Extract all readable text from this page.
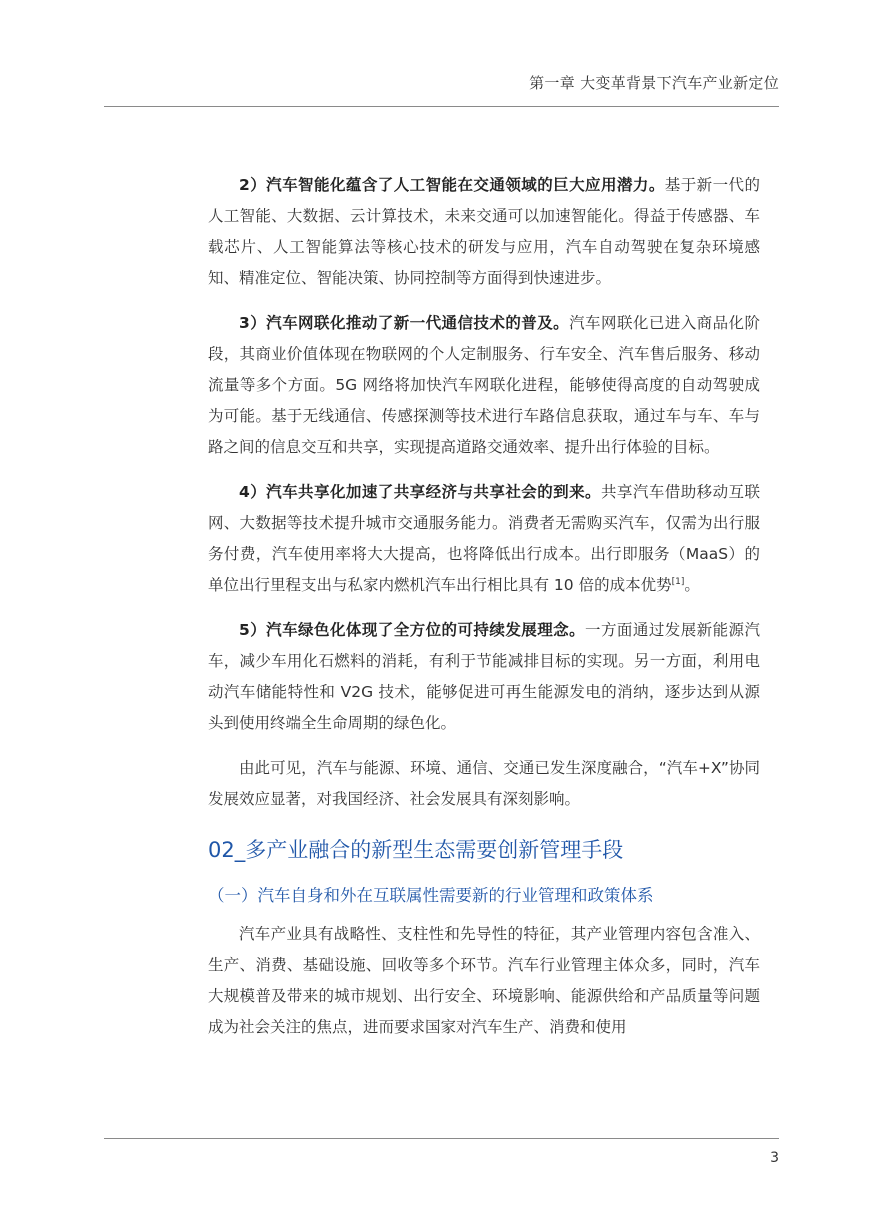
第一章 大变革背景下汽车产业新定位

2）汽车智能化蕴含了人工智能在交通领域的巨大应用潜力。基于新一代的人工智能、大数据、云计算技术，未来交通可以加速智能化。得益于传感器、车载芯片、人工智能算法等核心技术的研发与应用，汽车自动驾驶在复杂环境感知、精准定位、智能决策、协同控制等方面得到快速进步。

3）汽车网联化推动了新一代通信技术的普及。汽车网联化已进入商品化阶段，其商业价值体现在物联网的个人定制服务、行车安全、汽车售后服务、移动流量等多个方面。5G 网络将加快汽车网联化进程，能够使得高度的自动驾驶成为可能。基于无线通信、传感探测等技术进行车路信息获取，通过车与车、车与路之间的信息交互和共享，实现提高道路交通效率、提升出行体验的目标。

4）汽车共享化加速了共享经济与共享社会的到来。共享汽车借助移动互联网、大数据等技术提升城市交通服务能力。消费者无需购买汽车，仅需为出行服务付费，汽车使用率将大大提高，也将降低出行成本。出行即服务（MaaS）的单位出行里程支出与私家内燃机汽车出行相比具有 10 倍的成本优势[1]。

5）汽车绿色化体现了全方位的可持续发展理念。一方面通过发展新能源汽车，减少车用化石燃料的消耗，有利于节能减排目标的实现。另一方面，利用电动汽车储能特性和 V2G 技术，能够促进可再生能源发电的消纳，逐步达到从源头到使用终端全生命周期的绿色化。

由此可见，汽车与能源、环境、通信、交通已发生深度融合，“汽车+X”协同发展效应显著，对我国经济、社会发展具有深刻影响。

02_多产业融合的新型生态需要创新管理手段
（一）汽车自身和外在互联属性需要新的行业管理和政策体系

汽车产业具有战略性、支柱性和先导性的特征，其产业管理内容包含准入、生产、消费、基础设施、回收等多个环节。汽车行业管理主体众多，同时，汽车大规模普及带来的城市规划、出行安全、环境影响、能源供给和产品质量等问题成为社会关注的焦点，进而要求国家对汽车生产、消费和使用

3
